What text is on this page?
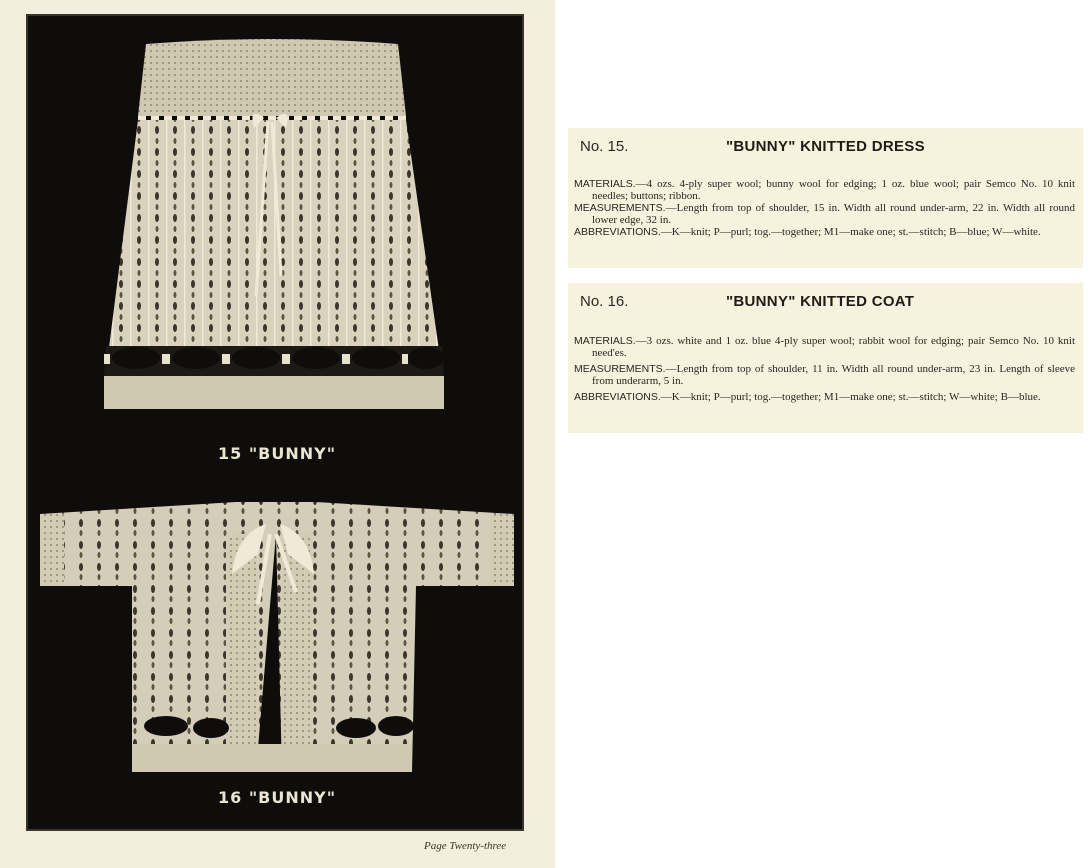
15 "BUNNY"
16 "BUNNY"
Page Twenty-three
No. 15.	"BUNNY" KNITTED DRESS

MATERIALS.—4 ozs. 4-ply super wool; bunny wool for edging; 1 oz. blue wool; pair Semco No. 10 knit needles; buttons; ribbon.

MEASUREMENTS.—Length from top of shoulder, 15 in. Width all round under-arm, 22 in. Width all round lower edge, 32 in.

ABBREVIATIONS.—K—knit; P—purl; tog.—together; M1—make one; st.—stitch; B—blue; W—white.

No. 16.	"BUNNY" KNITTED COAT

MATERIALS.—3 ozs. white and 1 oz. blue 4-ply super wool; rabbit wool for edging; pair Semco No. 10 knit need'es.

MEASUREMENTS.—Length from top of shoulder, 11 in. Width all round under-arm, 23 in. Length of sleeve from underarm, 5 in.

ABBREVIATIONS.—K—knit; P—purl; tog.—together; M1—make one; st.—stitch; W—white; B—blue.
